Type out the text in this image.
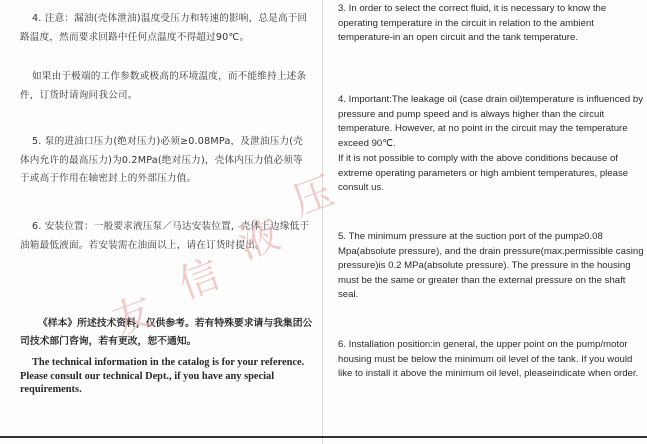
4. 注意：漏油(壳体泄油)温度受压力和转速的影响，总是高于回路温度，然而要求回路中任何点温度不得超过90℃。
如果由于极端的工作参数或极高的环境温度，而不能维持上述条件，订货时请询问我公司。
5. 泵的进油口压力(绝对压力)必须≥0.08MPa，及泄油压力(壳体内允许的最高压力)为0.2MPa(绝对压力)，壳体内压力值必须等于或高于作用在轴密封上的外部压力值。
6. 安装位置：一般要求液压泵／马达安装位置，壳体上边缘低于油箱最低液面。若安装需在油面以上，请在订货时提出。
《样本》所述技术资料，仅供参考。若有特殊要求请与我集团公司技术部门咨询，若有更改，恕不通知。
The technical information in the catalog is for your reference. Please consult our technical Dept., if you have any special requirements.
3. In order to select the correct fluid, it is necessary to know the operating temperature in the circuit in relation to the ambient temperature-in an open circuit and the tank temperature.
4. Important:The leakage oil (case drain oil)temperature is influenced by pressure and pump speed and is always higher than the circuit temperature. However, at no point in the circuit may the temperature exceed 90℃.
If it is not possible to comply with the above conditions because of extreme operating parameters or high ambient temperatures, please consult us.
5. The minimum pressure at the suction port of the pump≥0.08 Mpa(absolute pressure), and the drain pressure(max.permissible casing pressure)is 0.2 MPa(absolute pressure). The pressure in the housing must be the same or greater than the external pressure on the shaft seal.
6. Installation position:in general, the upper point on the pump/motor housing must be below the minimum oil level of the tank. If you would like to install it above the minimum oil level, pleaseindicate when order.
友
信
液
压
